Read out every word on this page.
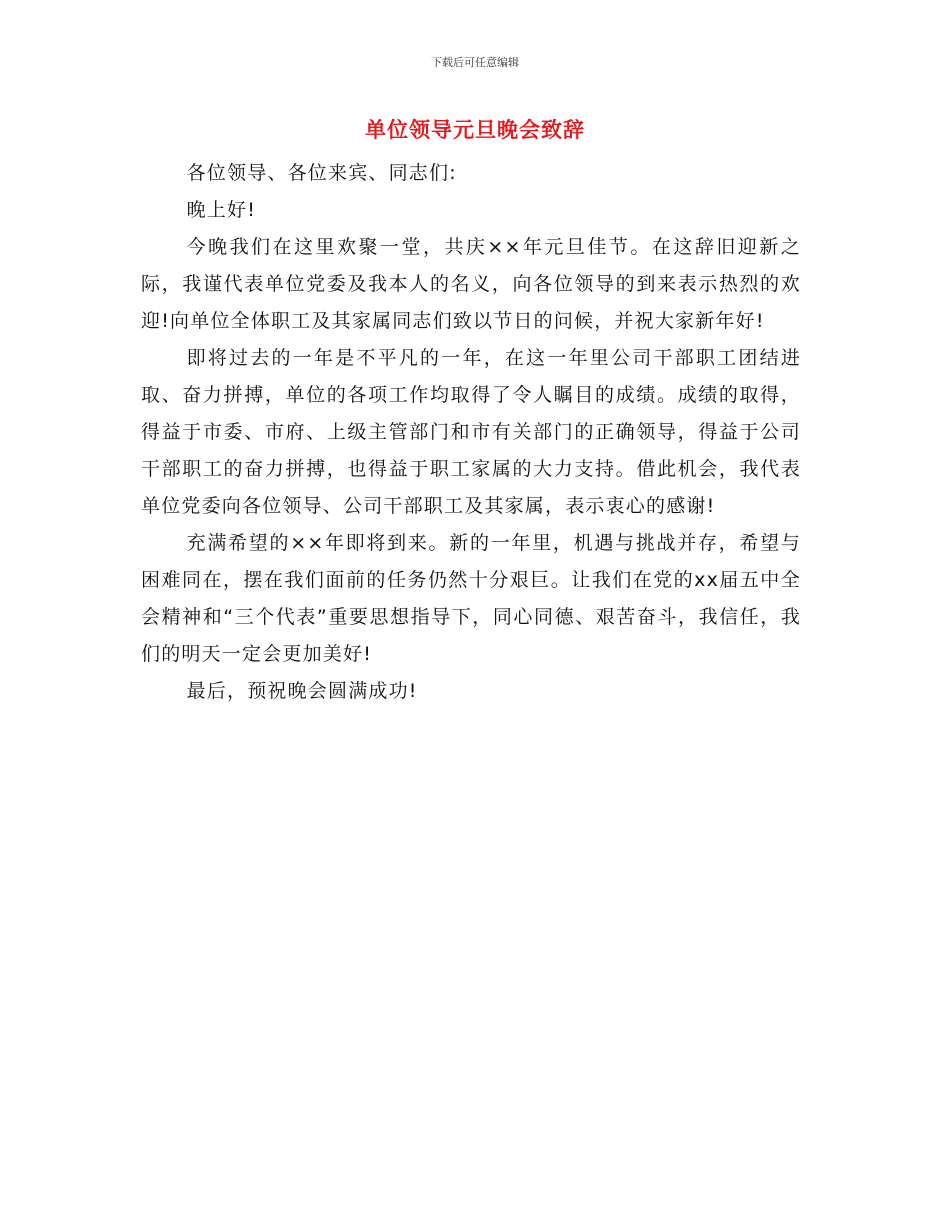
下载后可任意编辑
单位领导元旦晚会致辞

各位领导、各位来宾、同志们:

晚上好!

今晚我们在这里欢聚一堂，共庆××年元旦佳节。在这辞旧迎新之际，我谨代表单位党委及我本人的名义，向各位领导的到来表示热烈的欢迎!向单位全体职工及其家属同志们致以节日的问候，并祝大家新年好!

即将过去的一年是不平凡的一年，在这一年里公司干部职工团结进取、奋力拼搏，单位的各项工作均取得了令人瞩目的成绩。成绩的取得，得益于市委、市府、上级主管部门和市有关部门的正确领导，得益于公司干部职工的奋力拼搏，也得益于职工家属的大力支持。借此机会，我代表单位党委向各位领导、公司干部职工及其家属，表示衷心的感谢!

充满希望的××年即将到来。新的一年里，机遇与挑战并存，希望与困难同在，摆在我们面前的任务仍然十分艰巨。让我们在党的xx届五中全会精神和“三个代表”重要思想指导下，同心同德、艰苦奋斗，我信任，我们的明天一定会更加美好!

最后，预祝晚会圆满成功!
